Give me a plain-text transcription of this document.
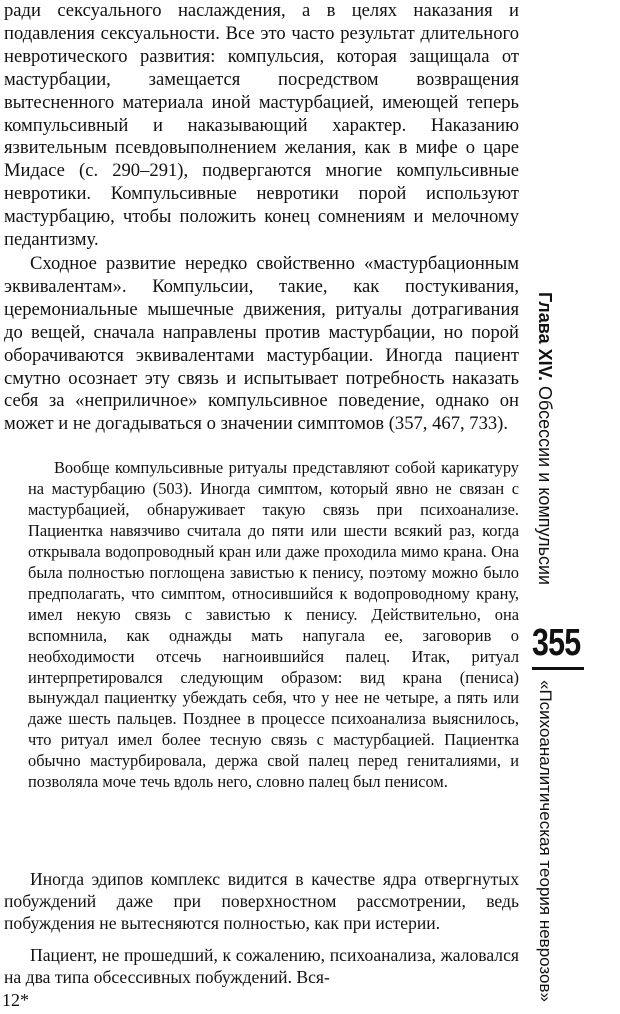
ради сексуального наслаждения, а в целях наказания и подавления сексуальности. Все это часто результат длительного невротического развития: компульсия, которая защищала от мастурбации, замещается посредством возвращения вытесненного материала иной мастурбацией, имеющей теперь компульсивный и наказывающий характер. Наказанию язвительным псевдовыполнением желания, как в мифе о царе Мидасе (с. 290–291), подвергаются многие компульсивные невротики. Компульсивные невротики порой используют мастурбацию, чтобы положить конец сомнениям и мелочному педантизму.

Сходное развитие нередко свойственно «мастурбационным эквивалентам». Компульсии, такие, как постукивания, церемониальные мышечные движения, ритуалы дотрагивания до вещей, сначала направлены против мастурбации, но порой оборачиваются эквивалентами мастурбации. Иногда пациент смутно осознает эту связь и испытывает потребность наказать себя за «неприличное» компульсивное поведение, однако он может и не догадываться о значении симптомов (357, 467, 733).

Вообще компульсивные ритуалы представляют собой карикатуру на мастурбацию (503). Иногда симптом, который явно не связан с мастурбацией, обнаруживает такую связь при психоанализе. Пациентка навязчиво считала до пяти или шести всякий раз, когда открывала водопроводный кран или даже проходила мимо крана. Она была полностью поглощена завистью к пенису, поэтому можно было предполагать, что симптом, относившийся к водопроводному крану, имел некую связь с завистью к пенису. Действительно, она вспомнила, как однажды мать напугала ее, заговорив о необходимости отсечь нагноившийся палец. Итак, ритуал интерпретировался следующим образом: вид крана (пениса) вынуждал пациентку убеждать себя, что у нее не четыре, а пять или даже шесть пальцев. Позднее в процессе психоанализа выяснилось, что ритуал имел более тесную связь с мастурбацией. Пациентка обычно мастурбировала, держа свой палец перед гениталиями, и позволяла моче течь вдоль него, словно палец был пенисом.

Иногда эдипов комплекс видится в качестве ядра отвергнутых побуждений даже при поверхностном рассмотрении, ведь побуждения не вытесняются полностью, как при истерии.

Пациент, не прошедший, к сожалению, психоанализа, жаловался на два типа обсессивных побуждений. Вся-

12*
Глава XIV. Обсессии и компульсии
355
«Психоаналитическая теория неврозов»
